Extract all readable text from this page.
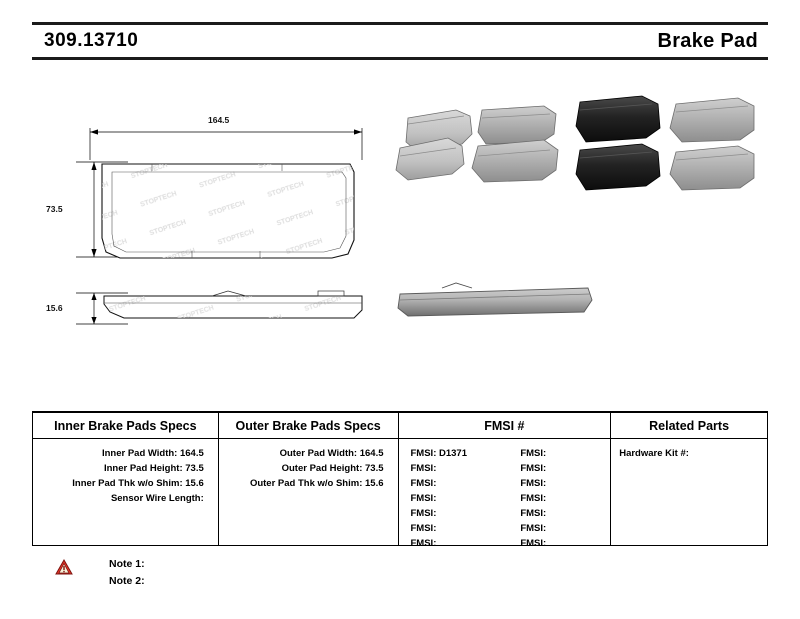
309.13710	Brake Pad
164.5
73.5
15.6
Inner Brake Pads Specs
Inner Pad Width: 164.5
Inner Pad Height: 73.5
Inner Pad Thk w/o Shim: 15.6
Sensor Wire Length:
Outer Brake Pads Specs
Outer Pad Width: 164.5
Outer Pad Height: 73.5
Outer Pad Thk w/o Shim: 15.6
FMSI #
FMSI: D1371
FMSI:
FMSI:
FMSI:
FMSI:
FMSI:
FMSI:
FMSI:
FMSI:
FMSI:
FMSI:
FMSI:
FMSI:
FMSI:
Related Parts
Hardware Kit #:
Note 1:
Note 2:
